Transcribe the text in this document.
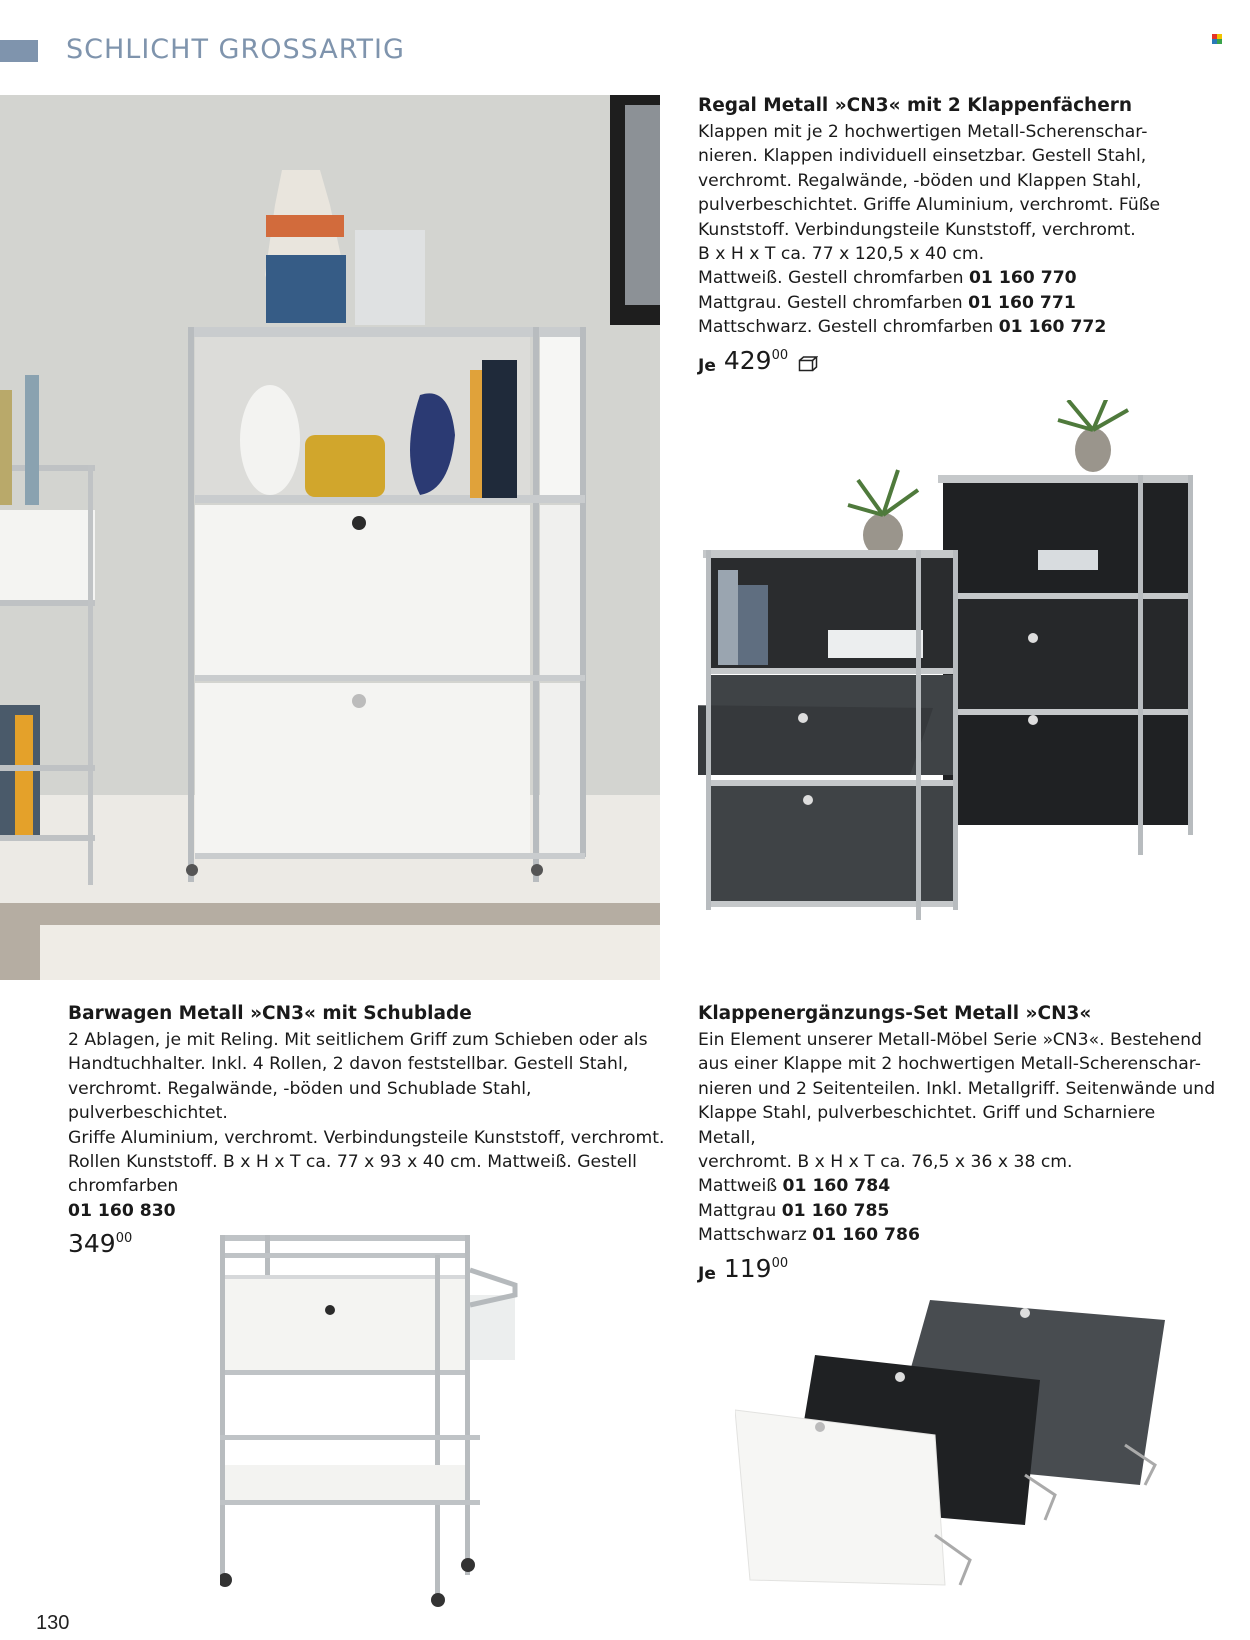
SCHLICHT GROSSARTIG
Regal Metall »CN3« mit 2 Klappenfächern

Klappen mit je 2 hochwertigen Metall-Scherenschar-

nieren. Klappen individuell einsetzbar. Gestell Stahl,

verchromt. Regalwände, -böden und Klappen Stahl,

pulverbeschichtet. Griffe Aluminium, verchromt. Füße

Kunststoff. Verbindungsteile Kunststoff, verchromt.

B x H x T ca. 77 x 120,5 x 40 cm.

Mattweiß. Gestell chromfarben 01 160 770
Mattgrau. Gestell chromfarben 01 160 771
Mattschwarz. Gestell chromfarben 01 160 772
Je 429 00
Barwagen Metall »CN3« mit Schublade

2 Ablagen, je mit Reling. Mit seitlichem Griff zum Schieben oder als

Handtuchhalter. Inkl. 4 Rollen, 2 davon feststellbar. Gestell Stahl,

verchromt. Regalwände, -böden und Schublade Stahl, pulverbeschichtet.

Griffe Aluminium, verchromt. Verbindungsteile Kunststoff, verchromt.

Rollen Kunststoff. B x H x T ca. 77 x 93 x 40 cm. Mattweiß. Gestell

chromfarben

01 160 830
349 00
Klappenergänzungs-Set Metall »CN3«

Ein Element unserer Metall-Möbel Serie »CN3«. Bestehend

aus einer Klappe mit 2 hochwertigen Metall-Scherenschar-

nieren und 2 Seitenteilen. Inkl. Metallgriff. Seitenwände und

Klappe Stahl, pulverbeschichtet. Griff und Scharniere Metall,

verchromt. B x H x T ca. 76,5 x 36 x 38 cm.

Mattweiß 01 160 784
Mattgrau 01 160 785
Mattschwarz 01 160 786
Je 119 00
130
